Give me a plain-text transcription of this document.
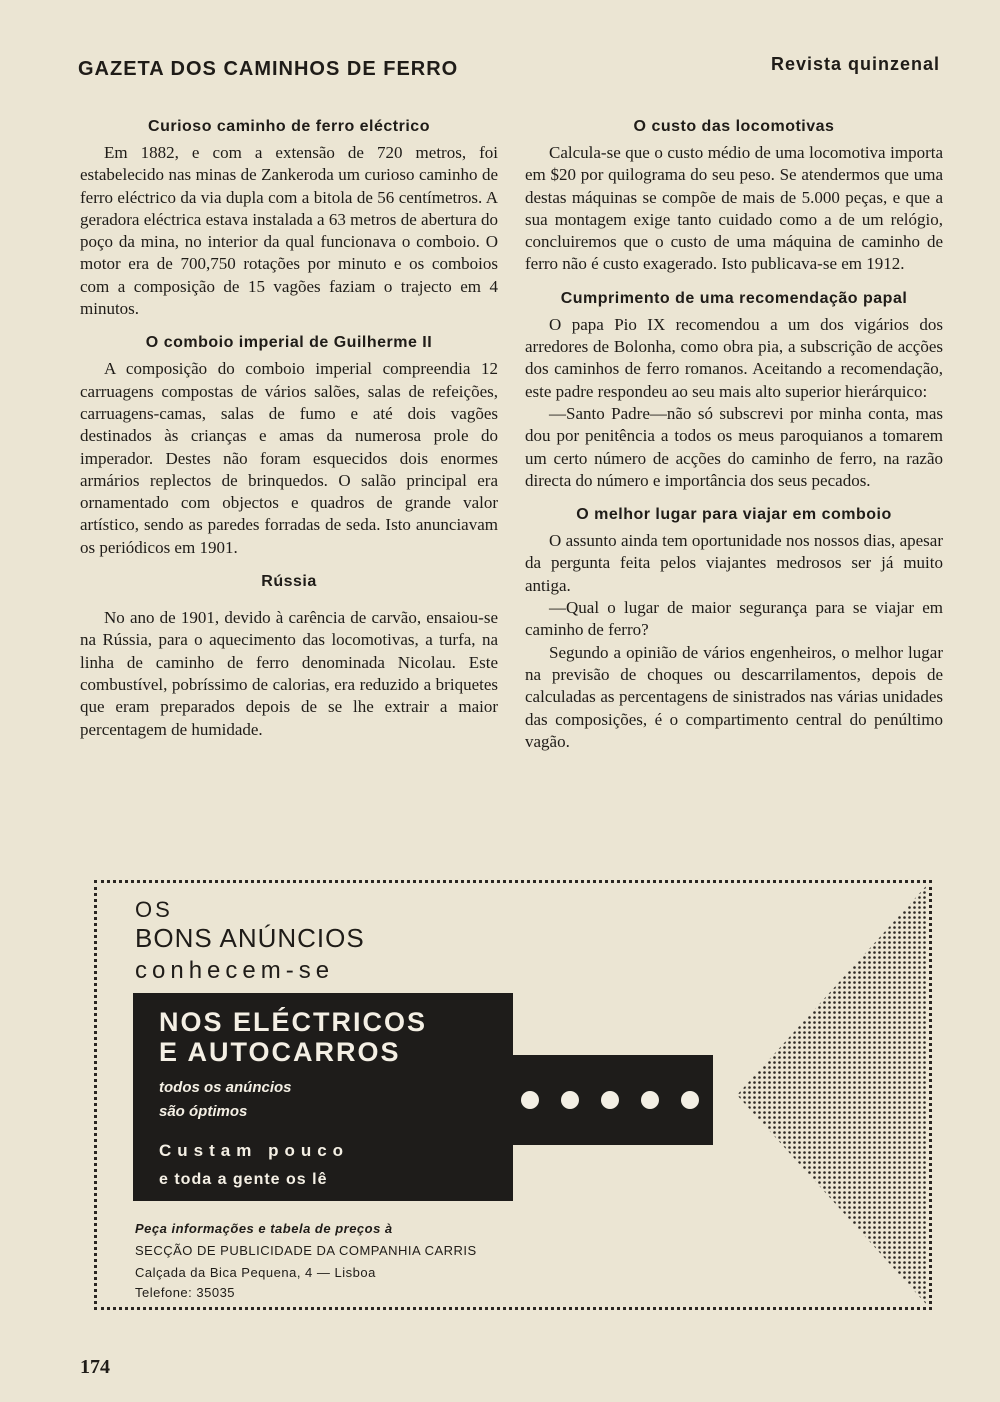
GAZETA DOS CAMINHOS DE FERRO	Revista quinzenal
Curioso caminho de ferro eléctrico

Em 1882, e com a extensão de 720 metros, foi estabelecido nas minas de Zankeroda um curioso caminho de ferro eléctrico da via dupla com a bitola de 56 centímetros. A geradora eléctrica estava instalada a 63 metros de abertura do poço da mina, no interior da qual funcionava o comboio. O motor era de 700,750 rotações por minuto e os comboios com a composição de 15 vagões faziam o trajecto em 4 minutos.

O comboio imperial de Guilherme II

A composição do comboio imperial compreendia 12 carruagens compostas de vários salões, salas de refeições, carruagens-camas, salas de fumo e até dois vagões destinados às crianças e amas da numerosa prole do imperador. Destes não foram esquecidos dois enormes armários replectos de brinquedos. O salão principal era ornamentado com objectos e quadros de grande valor artístico, sendo as paredes forradas de seda. Isto anunciavam os periódicos em 1901.

Rússia

No ano de 1901, devido à carência de carvão, ensaiou-se na Rússia, para o aquecimento das locomotivas, a turfa, na linha de caminho de ferro denominada Nicolau. Este combustível, pobríssimo de calorias, era reduzido a briquetes que eram preparados depois de se lhe extrair a maior percentagem de humidade.

O custo das locomotivas

Calcula-se que o custo médio de uma locomotiva importa em $20 por quilograma do seu peso. Se atendermos que uma destas máquinas se compõe de mais de 5.000 peças, e que a sua montagem exige tanto cuidado como a de um relógio, concluiremos que o custo de uma máquina de caminho de ferro não é custo exagerado. Isto publicava-se em 1912.

Cumprimento de uma recomendação papal

O papa Pio IX recomendou a um dos vigários dos arredores de Bolonha, como obra pia, a subscrição de acções dos caminhos de ferro romanos. Aceitando a recomendação, este padre respondeu ao seu mais alto superior hierárquico:

—Santo Padre—não só subscrevi por minha conta, mas dou por penitência a todos os meus paroquianos a tomarem um certo número de acções do caminho de ferro, na razão directa do número e importância dos seus pecados.

O melhor lugar para viajar em comboio

O assunto ainda tem oportunidade nos nossos dias, apesar da pergunta feita pelos viajantes medrosos ser já muito antiga.

—Qual o lugar de maior segurança para se viajar em caminho de ferro?

Segundo a opinião de vários engenheiros, o melhor lugar na previsão de choques ou descarrilamentos, depois de calculadas as percentagens de sinistrados nas várias unidades das composições, é o compartimento central do penúltimo vagão.

OS
BONS ANÚNCIOS
conhecem-se
NOS ELÉCTRICOS
E AUTOCARROS
todos os anúncios
são óptimos
Custam pouco
e toda a gente os lê
Peça informações e tabela de preços à
SECÇÃO DE PUBLICIDADE DA COMPANHIA CARRIS
Calçada da Bica Pequena, 4 — Lisboa
Telefone: 35035
174
